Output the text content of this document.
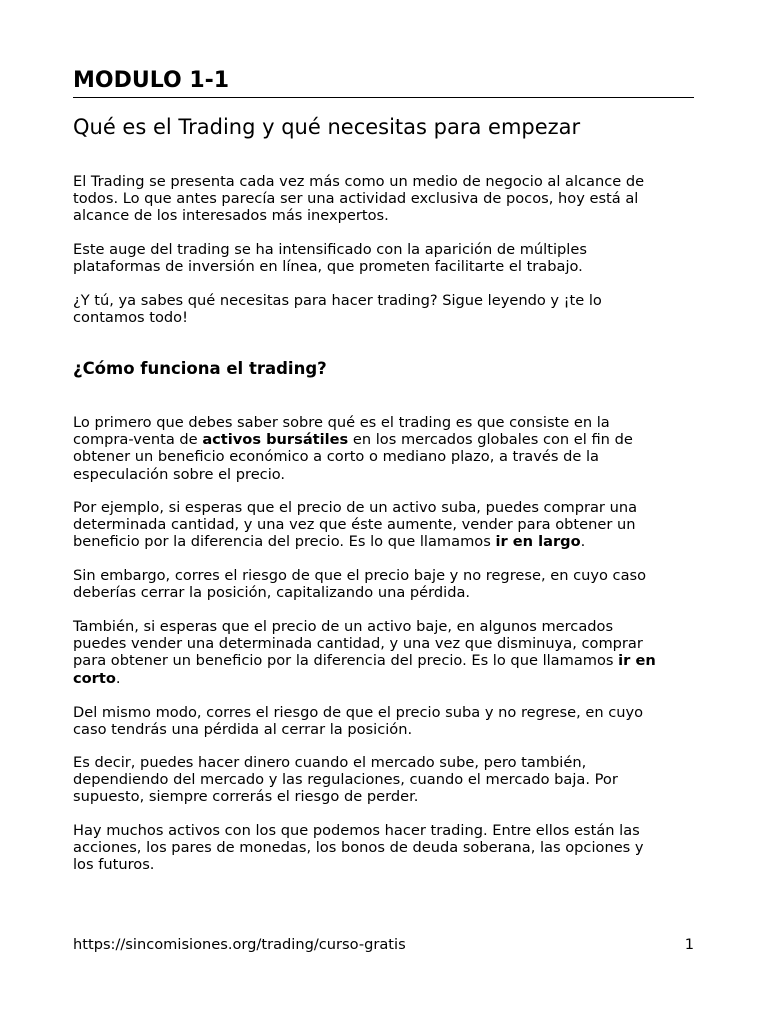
MODULO 1-1
Qué es el Trading y qué necesitas para empezar

El Trading se presenta cada vez más como un medio de negocio al alcance de
todos. Lo que antes parecía ser una actividad exclusiva de pocos, hoy está al
alcance de los interesados más inexpertos.

Este auge del trading se ha intensificado con la aparición de múltiples
plataformas de inversión en línea, que prometen facilitarte el trabajo.

¿Y tú, ya sabes qué necesitas para hacer trading? Sigue leyendo y ¡te lo
contamos todo!

¿Cómo funciona el trading?

Lo primero que debes saber sobre qué es el trading es que consiste en la
compra-venta de activos bursátiles en los mercados globales con el fin de
obtener un beneficio económico a corto o mediano plazo, a través de la
especulación sobre el precio.

Por ejemplo, si esperas que el precio de un activo suba, puedes comprar una
determinada cantidad, y una vez que éste aumente, vender para obtener un
beneficio por la diferencia del precio. Es lo que llamamos ir en largo.

Sin embargo, corres el riesgo de que el precio baje y no regrese, en cuyo caso
deberías cerrar la posición, capitalizando una pérdida.

También, si esperas que el precio de un activo baje, en algunos mercados
puedes vender una determinada cantidad, y una vez que disminuya, comprar
para obtener un beneficio por la diferencia del precio. Es lo que llamamos ir en
corto.

Del mismo modo, corres el riesgo de que el precio suba y no regrese, en cuyo
caso tendrás una pérdida al cerrar la posición.

Es decir, puedes hacer dinero cuando el mercado sube, pero también,
dependiendo del mercado y las regulaciones, cuando el mercado baja. Por
supuesto, siempre correrás el riesgo de perder.

Hay muchos activos con los que podemos hacer trading. Entre ellos están las
acciones, los pares de monedas, los bonos de deuda soberana, las opciones y
los futuros.

https://sincomisiones.org/trading/curso-gratis	1
